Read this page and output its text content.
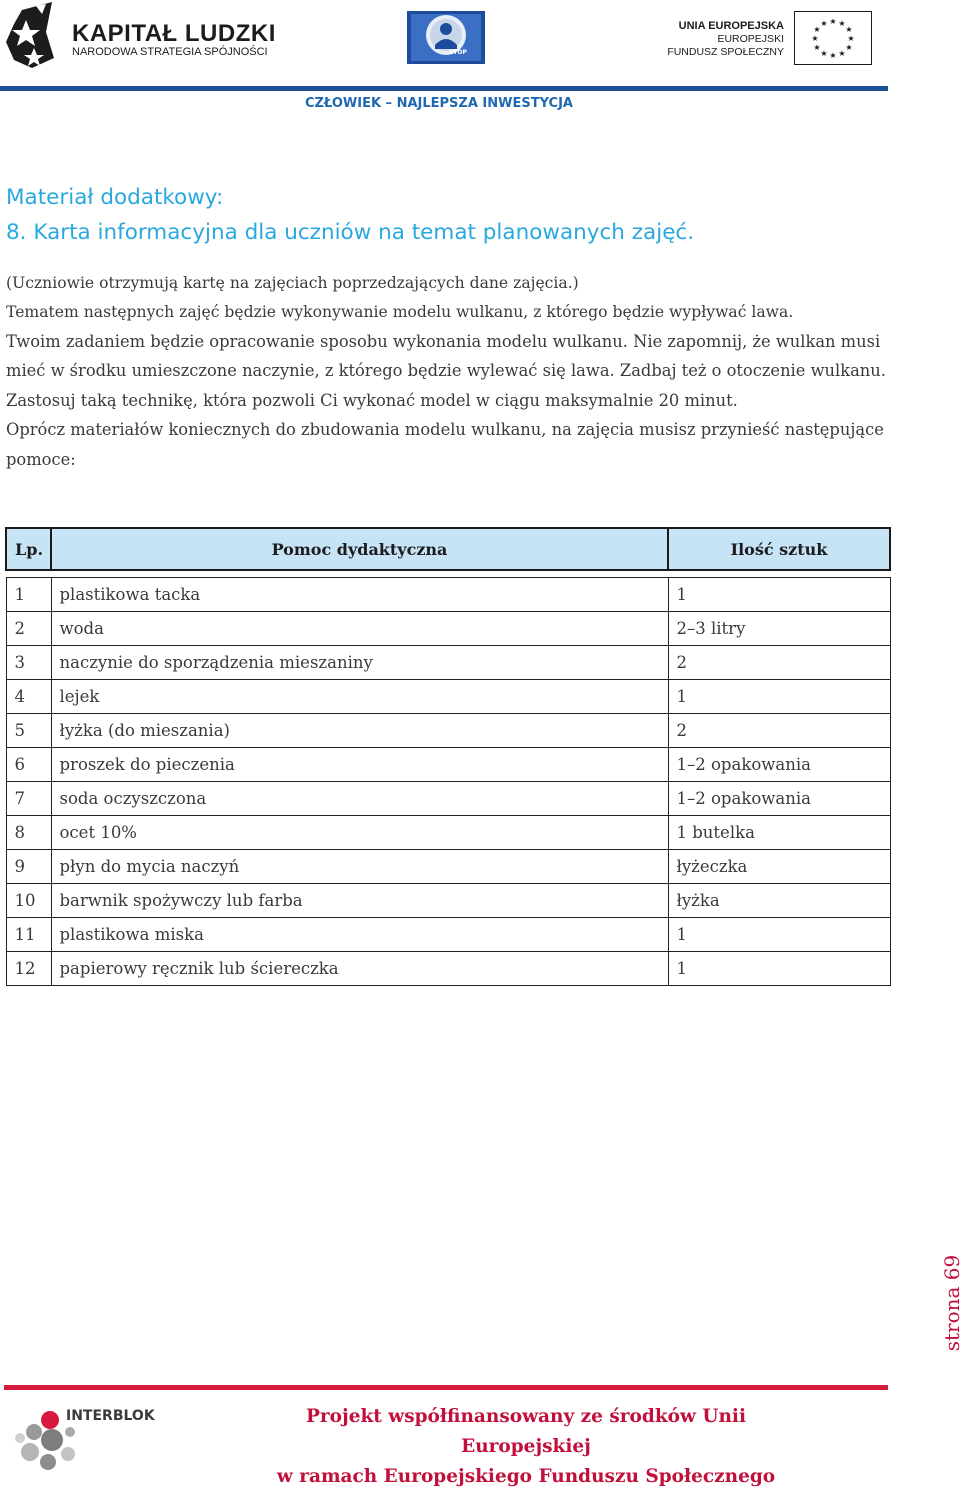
KAPITAŁ LUDZKI
NARODOWA STRATEGIA SPÓJNOŚCI	STOP
UNIA EUROPEJSKA
EUROPEJSKI
FUNDUSZ SPOŁECZNY
★ ★
★
★
★
★
★
★
★
★
★
★
CZŁOWIEK – NAJLEPSZA INWESTYCJA
Materiał dodatkowy:
8. Karta informacyjna dla uczniów na temat planowanych zajęć.

(Uczniowie otrzymują kartę na zajęciach poprzedzających dane zajęcia.)

Tematem następnych zajęć będzie wykonywanie modelu wulkanu, z którego będzie wypływać lawa.

Twoim zadaniem będzie opracowanie sposobu wykonania modelu wulkanu. Nie zapomnij, że wulkan musi mieć w środku umieszczone naczynie, z którego będzie wylewać się lawa. Zadbaj też o otoczenie wulkanu.

Zastosuj taką technikę, która pozwoli Ci wykonać model w ciągu maksymalnie 20 minut.

Oprócz materiałów koniecznych do zbudowania modelu wulkanu, na zajęcia musisz przynieść następujące pomoce:

Lp.	Pomoc dydaktyczna	Ilość sztuk

1	plastikowa tacka	1
2	woda	2–3 litry
3	naczynie do sporządzenia mieszaniny	2
4	lejek	1
5	łyżka (do mieszania)	2
6	proszek do pieczenia	1–2 opakowania
7	soda oczyszczona	1–2 opakowania
8	ocet 10%	1 butelka
9	płyn do mycia naczyń	łyżeczka
10	barwnik spożywczy lub farba	łyżka
11	plastikowa miska	1
12	papierowy ręcznik lub ściereczka	1
strona 69
INTERBLOK	Projekt współfinansowany ze środków Unii Europejskiej
w ramach Europejskiego Funduszu Społecznego
